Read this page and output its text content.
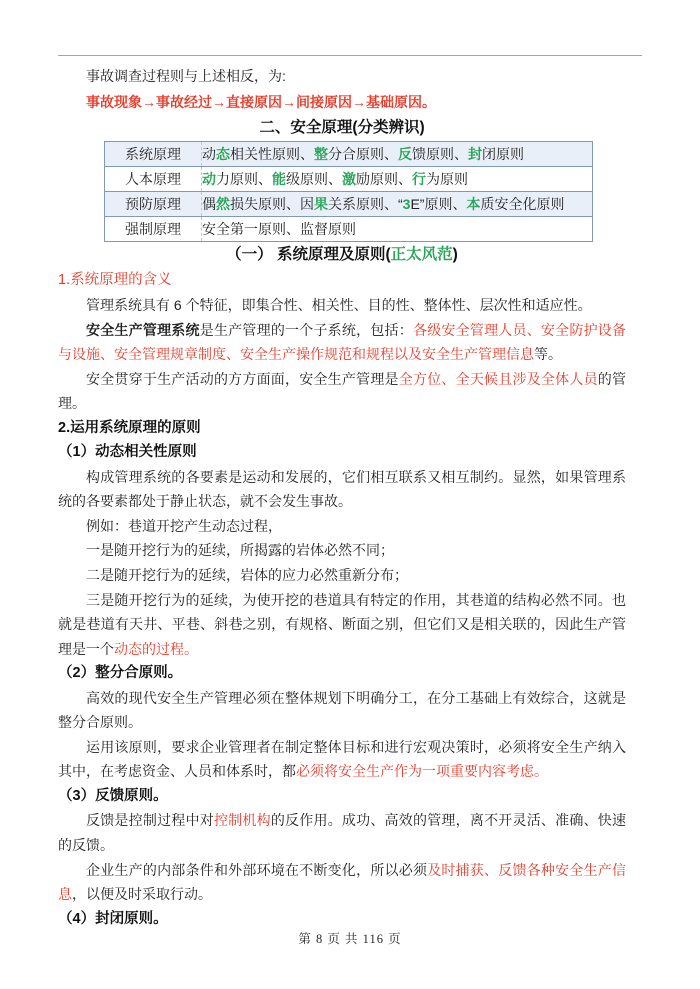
事故调查过程则与上述相反，为:

事故现象→事故经过→直接原因→间接原因→基础原因。

二、安全原理(分类辨识)
系统原理	动态相关性原则、整分合原则、反馈原则、封闭原则
人本原理	动力原则、能级原则、激励原则、行为原则
预防原理	偶然损失原则、因果关系原则、“3E”原则、本质安全化原则
强制原理	安全第一原则、监督原则
（一） 系统原理及原则(正太风范)
1.系统原理的含义

管理系统具有 6 个特征，即集合性、相关性、目的性、整体性、层次性和适应性。

安全生产管理系统是生产管理的一个子系统，包括：各级安全管理人员、安全防护设备与设施、安全管理规章制度、安全生产操作规范和规程以及安全生产管理信息等。

安全贯穿于生产活动的方方面面，安全生产管理是全方位、全天候且涉及全体人员的管理。

2.运用系统原理的原则
（1）动态相关性原则

构成管理系统的各要素是运动和发展的，它们相互联系又相互制约。显然，如果管理系统的各要素都处于静止状态，就不会发生事故。

例如：巷道开挖产生动态过程，

一是随开挖行为的延续，所揭露的岩体必然不同；

二是随开挖行为的延续，岩体的应力必然重新分布；

三是随开挖行为的延续，为使开挖的巷道具有特定的作用，其巷道的结构必然不同。也就是巷道有天井、平巷、斜巷之别，有规格、断面之别，但它们又是相关联的，因此生产管理是一个动态的过程。

（2）整分合原则。

高效的现代安全生产管理必须在整体规划下明确分工，在分工基础上有效综合，这就是整分合原则。

运用该原则，要求企业管理者在制定整体目标和进行宏观决策时，必须将安全生产纳入其中，在考虑资金、人员和体系时，都必须将安全生产作为一项重要内容考虑。

（3）反馈原则。

反馈是控制过程中对控制机构的反作用。成功、高效的管理，离不开灵活、准确、快速的反馈。

企业生产的内部条件和外部环境在不断变化，所以必须及时捕获、反馈各种安全生产信息，以便及时采取行动。

（4）封闭原则。
第 8 页 共 116 页
